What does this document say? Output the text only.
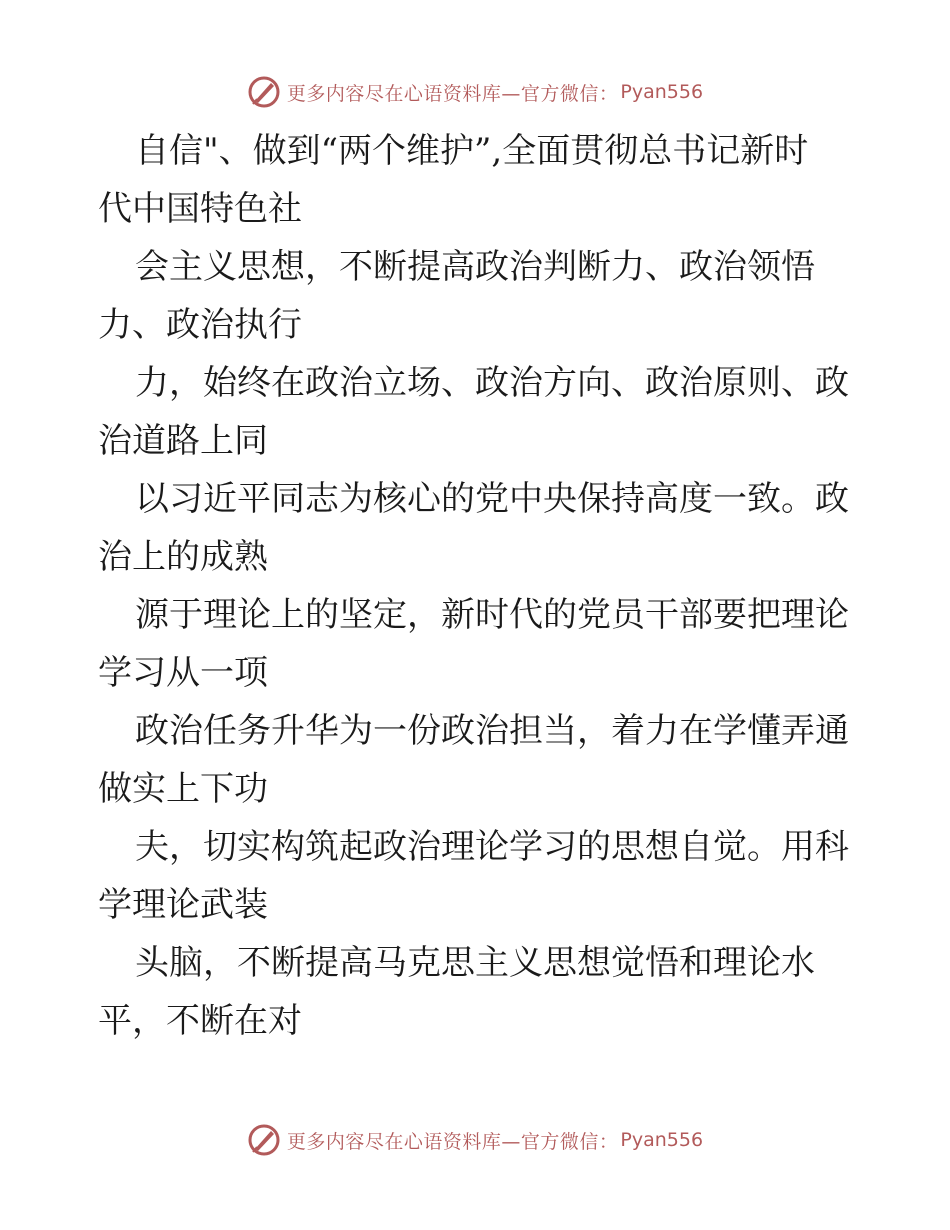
更多内容尽在心语资料库—官方微信： Pyan556
自信"、做到“两个维护”,全面贯彻总书记新时
代中国特色社
会主义思想，不断提高政治判断力、政治领悟
力、政治执行
力，始终在政治立场、政治方向、政治原则、政
治道路上同
以习近平同志为核心的党中央保持高度一致。政
治上的成熟
源于理论上的坚定，新时代的党员干部要把理论
学习从一项
政治任务升华为一份政治担当，着力在学懂弄通
做实上下功
夫，切实构筑起政治理论学习的思想自觉。用科
学理论武装
头脑，不断提高马克思主义思想觉悟和理论水
平，不断在对
更多内容尽在心语资料库—官方微信： Pyan556
